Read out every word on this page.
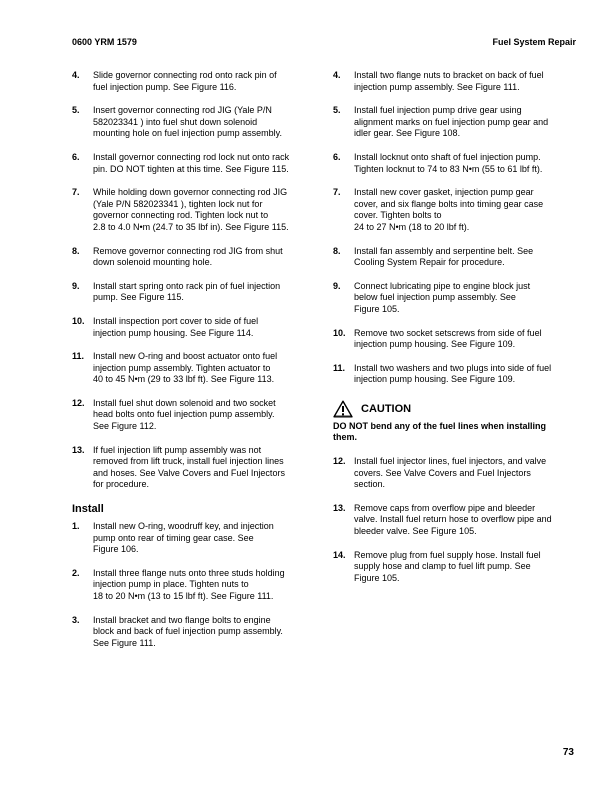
0600 YRM 1579	Fuel System Repair
4. Slide governor connecting rod onto rack pin of
fuel injection pump. See Figure 116.
5. Insert governor connecting rod JIG (Yale P/N
582023341 ) into fuel shut down solenoid
mounting hole on fuel injection pump assembly.
6. Install governor connecting rod lock nut onto rack
pin. DO NOT tighten at this time. See Figure 115.
7. While holding down governor connecting rod JIG
(Yale P/N 582023341 ), tighten lock nut for
governor connecting rod. Tighten lock nut to
2.8 to 4.0 N•m (24.7 to 35 lbf in). See Figure 115.
8. Remove governor connecting rod JIG from shut
down solenoid mounting hole.
9. Install start spring onto rack pin of fuel injection
pump. See Figure 115.
10. Install inspection port cover to side of fuel
injection pump housing. See Figure 114.
11. Install new O-ring and boost actuator onto fuel
injection pump assembly. Tighten actuator to
40 to 45 N•m (29 to 33 lbf ft). See Figure 113.
12. Install fuel shut down solenoid and two socket
head bolts onto fuel injection pump assembly.
See Figure 112.
13. If fuel injection lift pump assembly was not
removed from lift truck, install fuel injection lines
and hoses. See Valve Covers and Fuel Injectors
for procedure.
Install
1. Install new O-ring, woodruff key, and injection
pump onto rear of timing gear case. See
Figure 106.
2. Install three flange nuts onto three studs holding
injection pump in place. Tighten nuts to
18 to 20 N•m (13 to 15 lbf ft). See Figure 111.
3. Install bracket and two flange bolts to engine
block and back of fuel injection pump assembly.
See Figure 111.
4. Install two flange nuts to bracket on back of fuel
injection pump assembly. See Figure 111.
5. Install fuel injection pump drive gear using
alignment marks on fuel injection pump gear and
idler gear. See Figure 108.
6. Install locknut onto shaft of fuel injection pump.
Tighten locknut to 74 to 83 N•m (55 to 61 lbf ft).
7. Install new cover gasket, injection pump gear
cover, and six flange bolts into timing gear case
cover. Tighten bolts to
24 to 27 N•m (18 to 20 lbf ft).
8. Install fan assembly and serpentine belt. See
Cooling System Repair for procedure.
9. Connect lubricating pipe to engine block just
below fuel injection pump assembly. See
Figure 105.
10. Remove two socket setscrews from side of fuel
injection pump housing. See Figure 109.
11. Install two washers and two plugs into side of fuel
injection pump housing. See Figure 109.
CAUTION
DO NOT bend any of the fuel lines when installing
them.
12. Install fuel injector lines, fuel injectors, and valve
covers. See Valve Covers and Fuel Injectors
section.
13. Remove caps from overflow pipe and bleeder
valve. Install fuel return hose to overflow pipe and
bleeder valve. See Figure 105.
14. Remove plug from fuel supply hose. Install fuel
supply hose and clamp to fuel lift pump. See
Figure 105.
73
